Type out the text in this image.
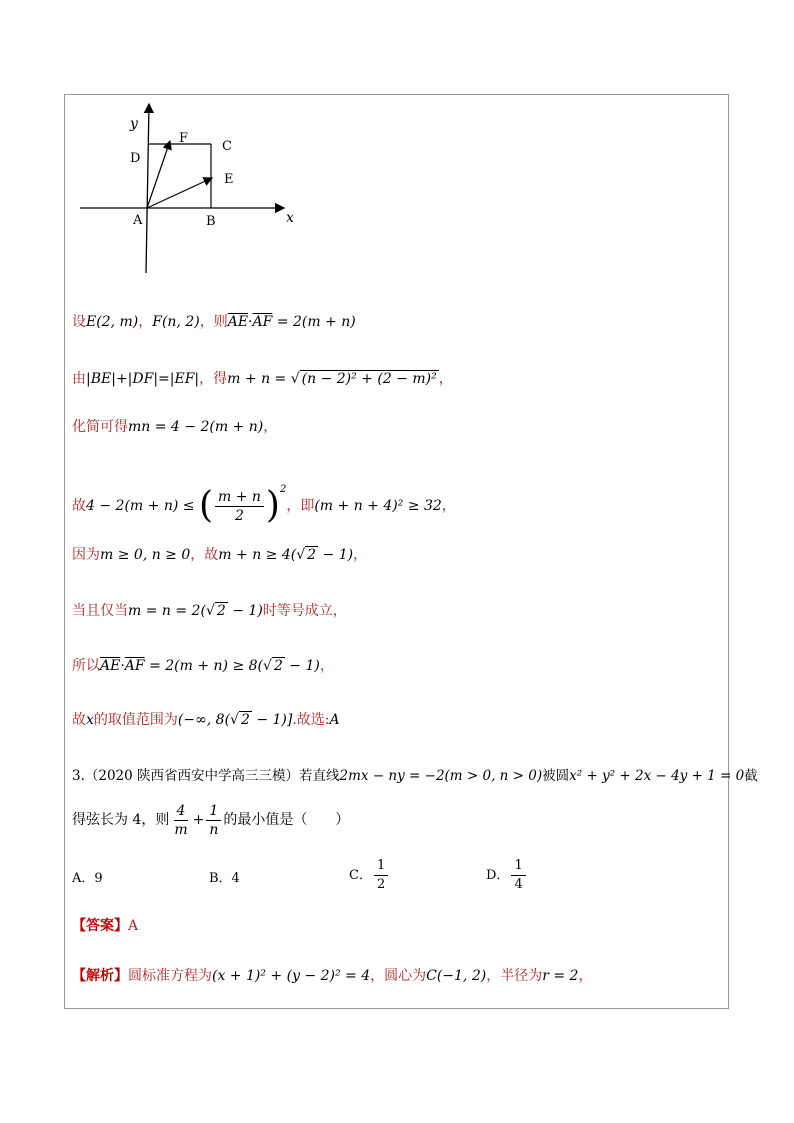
y
x
A	B
C
D
E
F
设E(2, m)，F(n, 2)，则$\overline{AE}\cdot\overline{AF} = 2(m + n)$
由|BE|+|DF|=|EF|，得m + n = √ (n − 2)² + (2 − m)² ，
化简可得mn = 4 − 2(m + n)，
故4 − 2(m + n) ≤ ( $\frac{m + n}{2} )^2$，即(m + n + 4)² ≥ 32，
因为m ≥ 0, n ≥ 0，故m + n ≥ 4(√ 2 − 1)，
当且仅当m = n = 2(√ 2 − 1)时等号成立，
所以$\overline{AE}\cdot\overline{AF} = 2(m + n) \ge 8(√$ 2 − 1)，
故x的取值范围为(−∞, 8(√ 2 − 1)].故选:A
3.（2020 陕西省西安中学高三三模）若直线2mx − ny = −2(m > 0, n > 0)被圆x² + y² + 2x − 4y + 1 = 0截
得弦长为 4，则 $\frac{4}{m} + \frac{1}{n}$ 的最小值是（　　）
A．9	B．4	C． $\frac{1}{2}$	D． $\frac{1}{4}$
【答案】A
【解析】圆标准方程为(x + 1)² + (y − 2)² = 4，圆心为C(−1, 2)，半径为r = 2，
